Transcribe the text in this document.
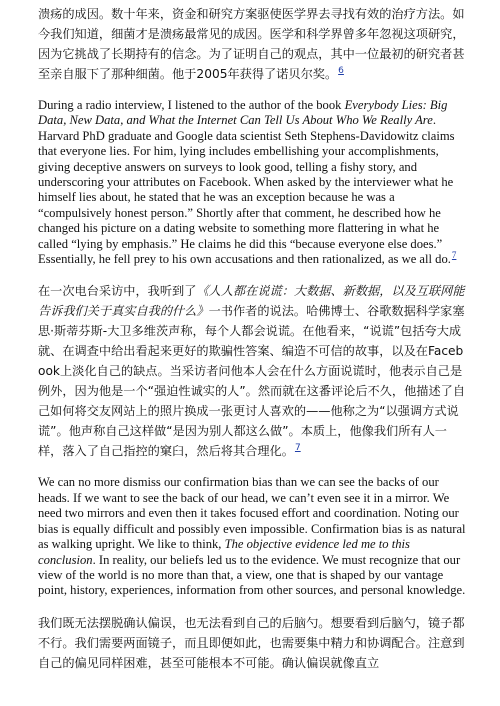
溃疡的成因。数十年来，资金和研究方案驱使医学界去寻找有效的治疗方法。如今我们知道，细菌才是溃疡最常见的成因。医学和科学界曾多年忽视这项研究，因为它挑战了长期持有的信念。为了证明自己的观点，其中一位最初的研究者甚至亲自服下了那种细菌。他于2005年获得了诺贝尔奖。$^6$

During a radio interview, I listened to the author of the book Everybody Lies: Big Data, New Data, and What the Internet Can Tell Us About Who We Really Are. Harvard PhD graduate and Google data scientist Seth Stephens-Davidowitz claims that everyone lies. For him, lying includes embellishing your accomplishments, giving deceptive answers on surveys to look good, telling a fishy story, and underscoring your attributes on Facebook. When asked by the interviewer what he himself lies about, he stated that he was an exception because he was a “compulsively honest person.” Shortly after that comment, he described how he changed his picture on a dating website to something more flattering in what he called “lying by emphasis.” He claims he did this “because everyone else does.” Essentially, he fell prey to his own accusations and then rationalized, as we all do.$^7$

在一次电台采访中，我听到了《人人都在说谎：大数据、新数据，以及互联网能告诉我们关于真实自我的什么》一书作者的说法。哈佛博士、谷歌数据科学家塞思·斯蒂芬斯-大卫多维茨声称，每个人都会说谎。在他看来，“说谎”包括夸大成就、在调查中给出看起来更好的欺骗性答案、编造不可信的故事，以及在Facebook上淡化自己的缺点。当采访者问他本人会在什么方面说谎时，他表示自己是例外，因为他是一个“强迫性诚实的人”。然而就在这番评论后不久，他描述了自己如何将交友网站上的照片换成一张更讨人喜欢的——他称之为“以强调方式说谎”。他声称自己这样做“是因为别人都这么做”。本质上，他像我们所有人一样，落入了自己指控的窠臼，然后将其合理化。$^7$

We can no more dismiss our confirmation bias than we can see the backs of our heads. If we want to see the back of our head, we can’t even see it in a mirror. We need two mirrors and even then it takes focused effort and coordination. Noting our bias is equally difficult and possibly even impossible. Confirmation bias is as natural as walking upright. We like to think, The objective evidence led me to this conclusion. In reality, our beliefs led us to the evidence. We must recognize that our view of the world is no more than that, a view, one that is shaped by our vantage point, history, experiences, information from other sources, and personal knowledge.

我们既无法摆脱确认偏误，也无法看到自己的后脑勺。想要看到后脑勺，镜子都不行。我们需要两面镜子，而且即便如此，也需要集中精力和协调配合。注意到自己的偏见同样困难，甚至可能根本不可能。确认偏误就像直立
